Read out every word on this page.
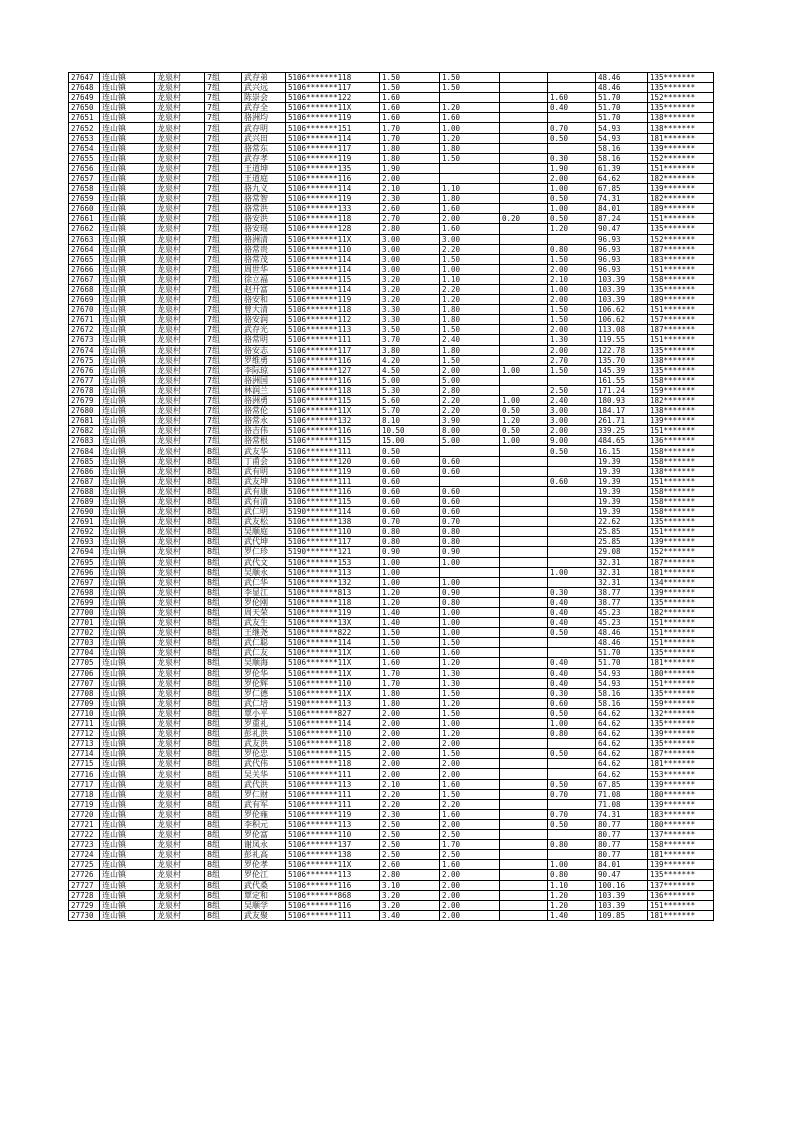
27647	连山镇	龙泉村	7组	武存弟	5106*******118	1.50	1.50			48.46	135*******
27648	连山镇	龙泉村	7组	武兴远	5106*******117	1.50	1.50			48.46	135*******
27649	连山镇	龙泉村	7组	陈崇会	5106*******122	1.60			1.60	51.70	152*******
27650	连山镇	龙泉村	7组	武存全	5106*******11X	1.60	1.20		0.40	51.70	135*******
27651	连山镇	龙泉村	7组	骆洲均	5106*******119	1.60	1.60			51.70	138*******
27652	连山镇	龙泉村	7组	武存明	5106*******151	1.70	1.00		0.70	54.93	138*******
27653	连山镇	龙泉村	7组	武兴田	5106*******114	1.70	1.20		0.50	54.93	181*******
27654	连山镇	龙泉村	7组	骆常东	5106*******117	1.80	1.80			58.16	139*******
27655	连山镇	龙泉村	7组	武存孝	5106*******119	1.80	1.50		0.30	58.16	152*******
27656	连山镇	龙泉村	7组	王道坤	5106*******135	1.90			1.90	61.39	151*******
27657	连山镇	龙泉村	7组	王道庭	5106*******116	2.00			2.00	64.62	182*******
27658	连山镇	龙泉村	7组	骆九义	5106*******114	2.10	1.10		1.00	67.85	139*******
27659	连山镇	龙泉村	7组	骆常智	5106*******119	2.30	1.80		0.50	74.31	182*******
27660	连山镇	龙泉村	7组	骆常洪	5106*******133	2.60	1.60		1.00	84.01	189*******
27661	连山镇	龙泉村	7组	骆安洪	5106*******118	2.70	2.00	0.20	0.50	87.24	151*******
27662	连山镇	龙泉村	7组	骆安瑶	5106*******128	2.80	1.60		1.20	90.47	135*******
27663	连山镇	龙泉村	7组	骆洲清	5106*******11X	3.00	3.00			96.93	152*******
27664	连山镇	龙泉村	7组	骆常贵	5106*******110	3.00	2.20		0.80	96.93	187*******
27665	连山镇	龙泉村	7组	骆常茂	5106*******114	3.00	1.50		1.50	96.93	183*******
27666	连山镇	龙泉村	7组	周世华	5106*******114	3.00	1.00		2.00	96.93	151*******
27667	连山镇	龙泉村	7组	徐立福	5106*******115	3.20	1.10		2.10	103.39	158*******
27668	连山镇	龙泉村	7组	赵开富	5106*******114	3.20	2.20		1.00	103.39	135*******
27669	连山镇	龙泉村	7组	骆安和	5106*******119	3.20	1.20		2.00	103.39	189*******
27670	连山镇	龙泉村	7组	曾大清	5106*******118	3.30	1.80		1.50	106.62	151*******
27671	连山镇	龙泉村	7组	骆安润	5106*******112	3.30	1.80		1.50	106.62	157*******
27672	连山镇	龙泉村	7组	武存光	5106*******113	3.50	1.50		2.00	113.08	187*******
27673	连山镇	龙泉村	7组	骆常明	5106*******111	3.70	2.40		1.30	119.55	151*******
27674	连山镇	龙泉村	7组	骆安志	5106*******117	3.80	1.80		2.00	122.78	135*******
27675	连山镇	龙泉村	7组	罗维勇	5106*******116	4.20	1.50		2.70	135.70	138*******
27676	连山镇	龙泉村	7组	李际琼	5106*******127	4.50	2.00	1.00	1.50	145.39	135*******
27677	连山镇	龙泉村	7组	骆洲国	5106*******116	5.00	5.00			161.55	158*******
27678	连山镇	龙泉村	7组	林润兰	5106*******118	5.30	2.80		2.50	171.24	159*******
27679	连山镇	龙泉村	7组	骆洲勇	5106*******115	5.60	2.20	1.00	2.40	180.93	182*******
27680	连山镇	龙泉村	7组	骆常伦	5106*******11X	5.70	2.20	0.50	3.00	184.17	138*******
27681	连山镇	龙泉村	7组	骆常永	5106*******132	8.10	3.90	1.20	3.00	261.71	139*******
27682	连山镇	龙泉村	7组	骆吉伟	5106*******116	10.50	8.00	0.50	2.00	339.25	151*******
27683	连山镇	龙泉村	7组	骆常根	5106*******115	15.00	5.00	1.00	9.00	484.65	136*******
27684	连山镇	龙泉村	8组	武友华	5106*******111	0.50			0.50	16.15	158*******
27685	连山镇	龙泉村	8组	丁甫会	5106*******120	0.60	0.60			19.39	158*******
27686	连山镇	龙泉村	8组	武有明	5106*******119	0.60	0.60			19.39	138*******
27687	连山镇	龙泉村	8组	武友坤	5106*******111	0.60			0.60	19.39	151*******
27688	连山镇	龙泉村	8组	武有康	5106*******116	0.60	0.60			19.39	158*******
27689	连山镇	龙泉村	8组	武有清	5106*******115	0.60	0.60			19.39	158*******
27690	连山镇	龙泉村	8组	武仁明	5190*******114	0.60	0.60			19.39	158*******
27691	连山镇	龙泉村	8组	武友松	5106*******138	0.70	0.70			22.62	135*******
27692	连山镇	龙泉村	8组	吴顺庭	5106*******110	0.80	0.80			25.85	151*******
27693	连山镇	龙泉村	8组	武代坤	5106*******117	0.80	0.80			25.85	139*******
27694	连山镇	龙泉村	8组	罗仁珍	5190*******121	0.90	0.90			29.08	152*******
27695	连山镇	龙泉村	8组	武代文	5106*******153	1.00	1.00			32.31	187*******
27696	连山镇	龙泉村	8组	吴顺永	5106*******113	1.00			1.00	32.31	181*******
27697	连山镇	龙泉村	8组	武仁华	5106*******132	1.00	1.00			32.31	134*******
27698	连山镇	龙泉村	8组	李显江	5106*******813	1.20	0.90		0.30	38.77	139*******
27699	连山镇	龙泉村	8组	罗伦刚	5106*******118	1.20	0.80		0.40	38.77	135*******
27700	连山镇	龙泉村	8组	周天荣	5106*******119	1.40	1.00		0.40	45.23	182*******
27701	连山镇	龙泉村	8组	武友生	5106*******13X	1.40	1.00		0.40	45.23	151*******
27702	连山镇	龙泉村	8组	王继尧	5106*******822	1.50	1.00		0.50	48.46	151*******
27703	连山镇	龙泉村	8组	武仁聪	5106*******114	1.50	1.50			48.46	151*******
27704	连山镇	龙泉村	8组	武仁友	5106*******11X	1.60	1.60			51.70	135*******
27705	连山镇	龙泉村	8组	吴顺海	5106*******11X	1.60	1.20		0.40	51.70	181*******
27706	连山镇	龙泉村	8组	罗伦华	5106*******11X	1.70	1.30		0.40	54.93	180*******
27707	连山镇	龙泉村	8组	罗伦辉	5106*******110	1.70	1.30		0.40	54.93	151*******
27708	连山镇	龙泉村	8组	罗仁德	5106*******11X	1.80	1.50		0.30	58.16	135*******
27709	连山镇	龙泉村	8组	武仁培	5190*******113	1.80	1.20		0.60	58.16	159*******
27710	连山镇	龙泉村	8组	覃小平	5106*******827	2.00	1.50		0.50	64.62	132*******
27711	连山镇	龙泉村	8组	罗重礼	5106*******114	2.00	1.00		1.00	64.62	135*******
27712	连山镇	龙泉村	8组	彭礼洪	5106*******110	2.00	1.20		0.80	64.62	139*******
27713	连山镇	龙泉村	8组	武友洪	5106*******118	2.00	2.00			64.62	135*******
27714	连山镇	龙泉村	8组	罗伦忠	5106*******115	2.00	1.50		0.50	64.62	187*******
27715	连山镇	龙泉村	8组	武代伟	5106*******118	2.00	2.00			64.62	181*******
27716	连山镇	龙泉村	8组	吴关华	5106*******111	2.00	2.00			64.62	153*******
27717	连山镇	龙泉村	8组	武代洪	5106*******113	2.10	1.60		0.50	67.85	139*******
27718	连山镇	龙泉村	8组	罗仁财	5106*******111	2.20	1.50		0.70	71.08	180*******
27719	连山镇	龙泉村	8组	武有军	5106*******111	2.20	2.20			71.08	139*******
27720	连山镇	龙泉村	8组	罗伦雍	5106*******119	2.30	1.60		0.70	74.31	183*******
27721	连山镇	龙泉村	8组	李积元	5106*******113	2.50	2.00		0.50	80.77	180*******
27722	连山镇	龙泉村	8组	罗伦富	5106*******110	2.50	2.50			80.77	137*******
27723	连山镇	龙泉村	8组	谢凤永	5106*******137	2.50	1.70		0.80	80.77	158*******
27724	连山镇	龙泉村	8组	彭礼高	5106*******138	2.50	2.50			80.77	181*******
27725	连山镇	龙泉村	8组	罗伦孝	5106*******11X	2.60	1.60		1.00	84.01	139*******
27726	连山镇	龙泉村	8组	罗伦江	5106*******113	2.80	2.00		0.80	90.47	135*******
27727	连山镇	龙泉村	8组	武代桑	5106*******116	3.10	2.00		1.10	100.16	137*******
27728	连山镇	龙泉村	8组	覃定和	5106*******868	3.20	2.00		1.20	103.39	136*******
27729	连山镇	龙泉村	8组	吴顺学	5106*******116	3.20	2.00		1.20	103.39	151*******
27730	连山镇	龙泉村	8组	武友聚	5106*******111	3.40	2.00		1.40	109.85	181*******
